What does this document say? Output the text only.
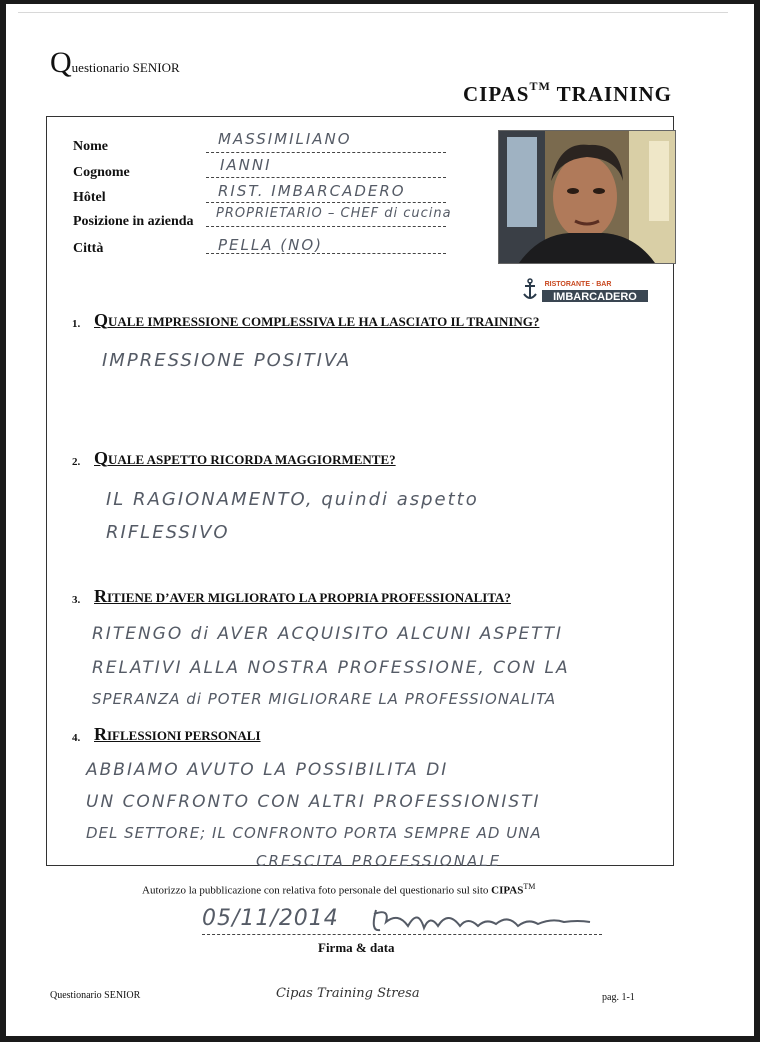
Questionario SENIOR
CIPAS™ TRAINING
Nome
Cognome
Hôtel
Posizione in azienda
Città
MASSIMILIANO
IANNI
RIST. IMBARCADERO
PROPRIETARIO – CHEF di cucina
PELLA (NO)
IMBARCADERO
RISTORANTE · BAR
1. QUALE IMPRESSIONE COMPLESSIVA LE HA LASCIATO IL TRAINING?
IMPRESSIONE POSITIVA
2. QUALE ASPETTO RICORDA MAGGIORMENTE?
IL RAGIONAMENTO, quindi aspetto
RIFLESSIVO
3. RITIENE D’AVER MIGLIORATO LA PROPRIA PROFESSIONALITA?
RITENGO di AVER ACQUISITO ALCUNI ASPETTI
RELATIVI ALLA NOSTRA PROFESSIONE, CON LA
SPERANZA di POTER MIGLIORARE LA PROFESSIONALITA
4. RIFLESSIONI PERSONALI
ABBIAMO AVUTO LA POSSIBILITA DI
UN CONFRONTO CON ALTRI PROFESSIONISTI
DEL SETTORE; IL CONFRONTO PORTA SEMPRE AD UNA
CRESCITA PROFESSIONALE
Autorizzo la pubblicazione con relativa foto personale del questionario sul sito CIPAS™
05/11/2014
Firma & data
Questionario SENIOR	Cipas Training Stresa	pag. 1-1
